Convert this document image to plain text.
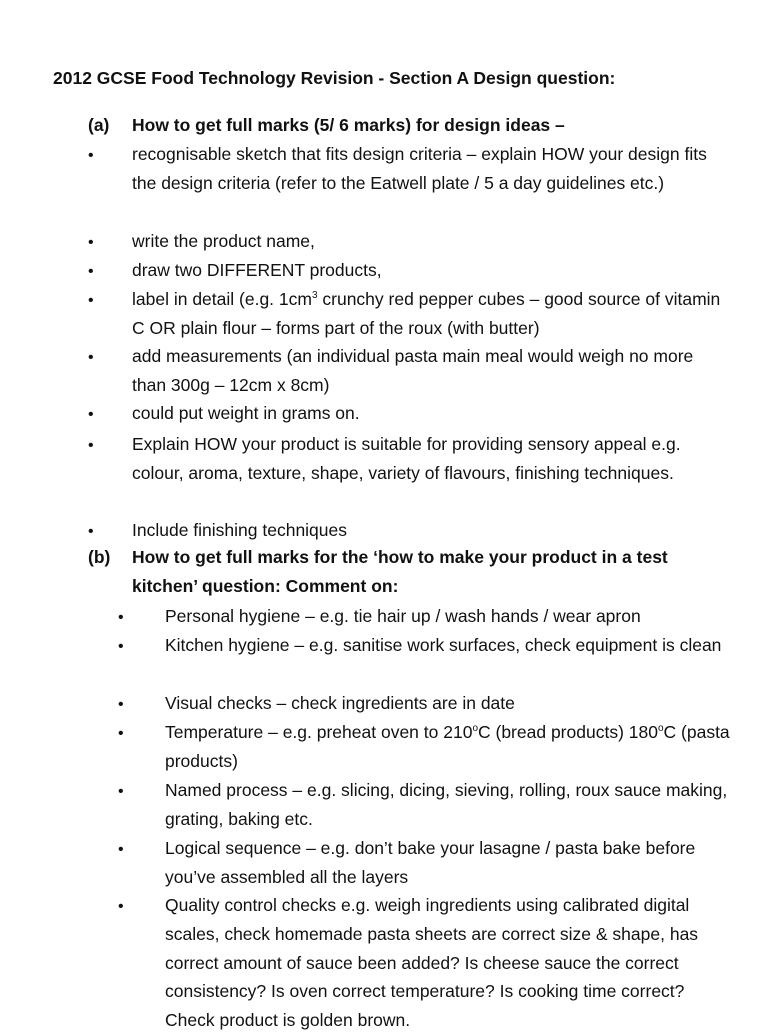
2012 GCSE Food Technology Revision - Section A Design question:
(a) How to get full marks (5/ 6 marks) for design ideas –
• recognisable sketch that fits design criteria – explain HOW your design fits the design criteria (refer to the Eatwell plate / 5 a day guidelines etc.)
• write the product name,
• draw two DIFFERENT products,
• label in detail (e.g. $1cm^3$ crunchy red pepper cubes – good source of vitamin C OR plain flour – forms part of the roux (with butter)
• add measurements (an individual pasta main meal would weigh no more than 300g – 12cm x 8cm)
• could put weight in grams on.
• Explain HOW your product is suitable for providing sensory appeal e.g. colour, aroma, texture, shape, variety of flavours, finishing techniques.
• Include finishing techniques
(b) How to get full marks for the ‘how to make your product in a test kitchen’ question: Comment on:
• Personal hygiene – e.g. tie hair up / wash hands / wear apron
• Kitchen hygiene – e.g. sanitise work surfaces, check equipment is clean
• Visual checks – check ingredients are in date
• Temperature – e.g. preheat oven to 210$^o$C (bread products) 180$^o$C (pasta products)
• Named process – e.g. slicing, dicing, sieving, rolling, roux sauce making, grating, baking etc.
• Logical sequence – e.g. don’t bake your lasagne / pasta bake before you’ve assembled all the layers
• Quality control checks e.g. weigh ingredients using calibrated digital scales, check homemade pasta sheets are correct size & shape, has correct amount of sauce been added? Is cheese sauce the correct consistency? Is oven correct temperature? Is cooking time correct? Check product is golden brown.
